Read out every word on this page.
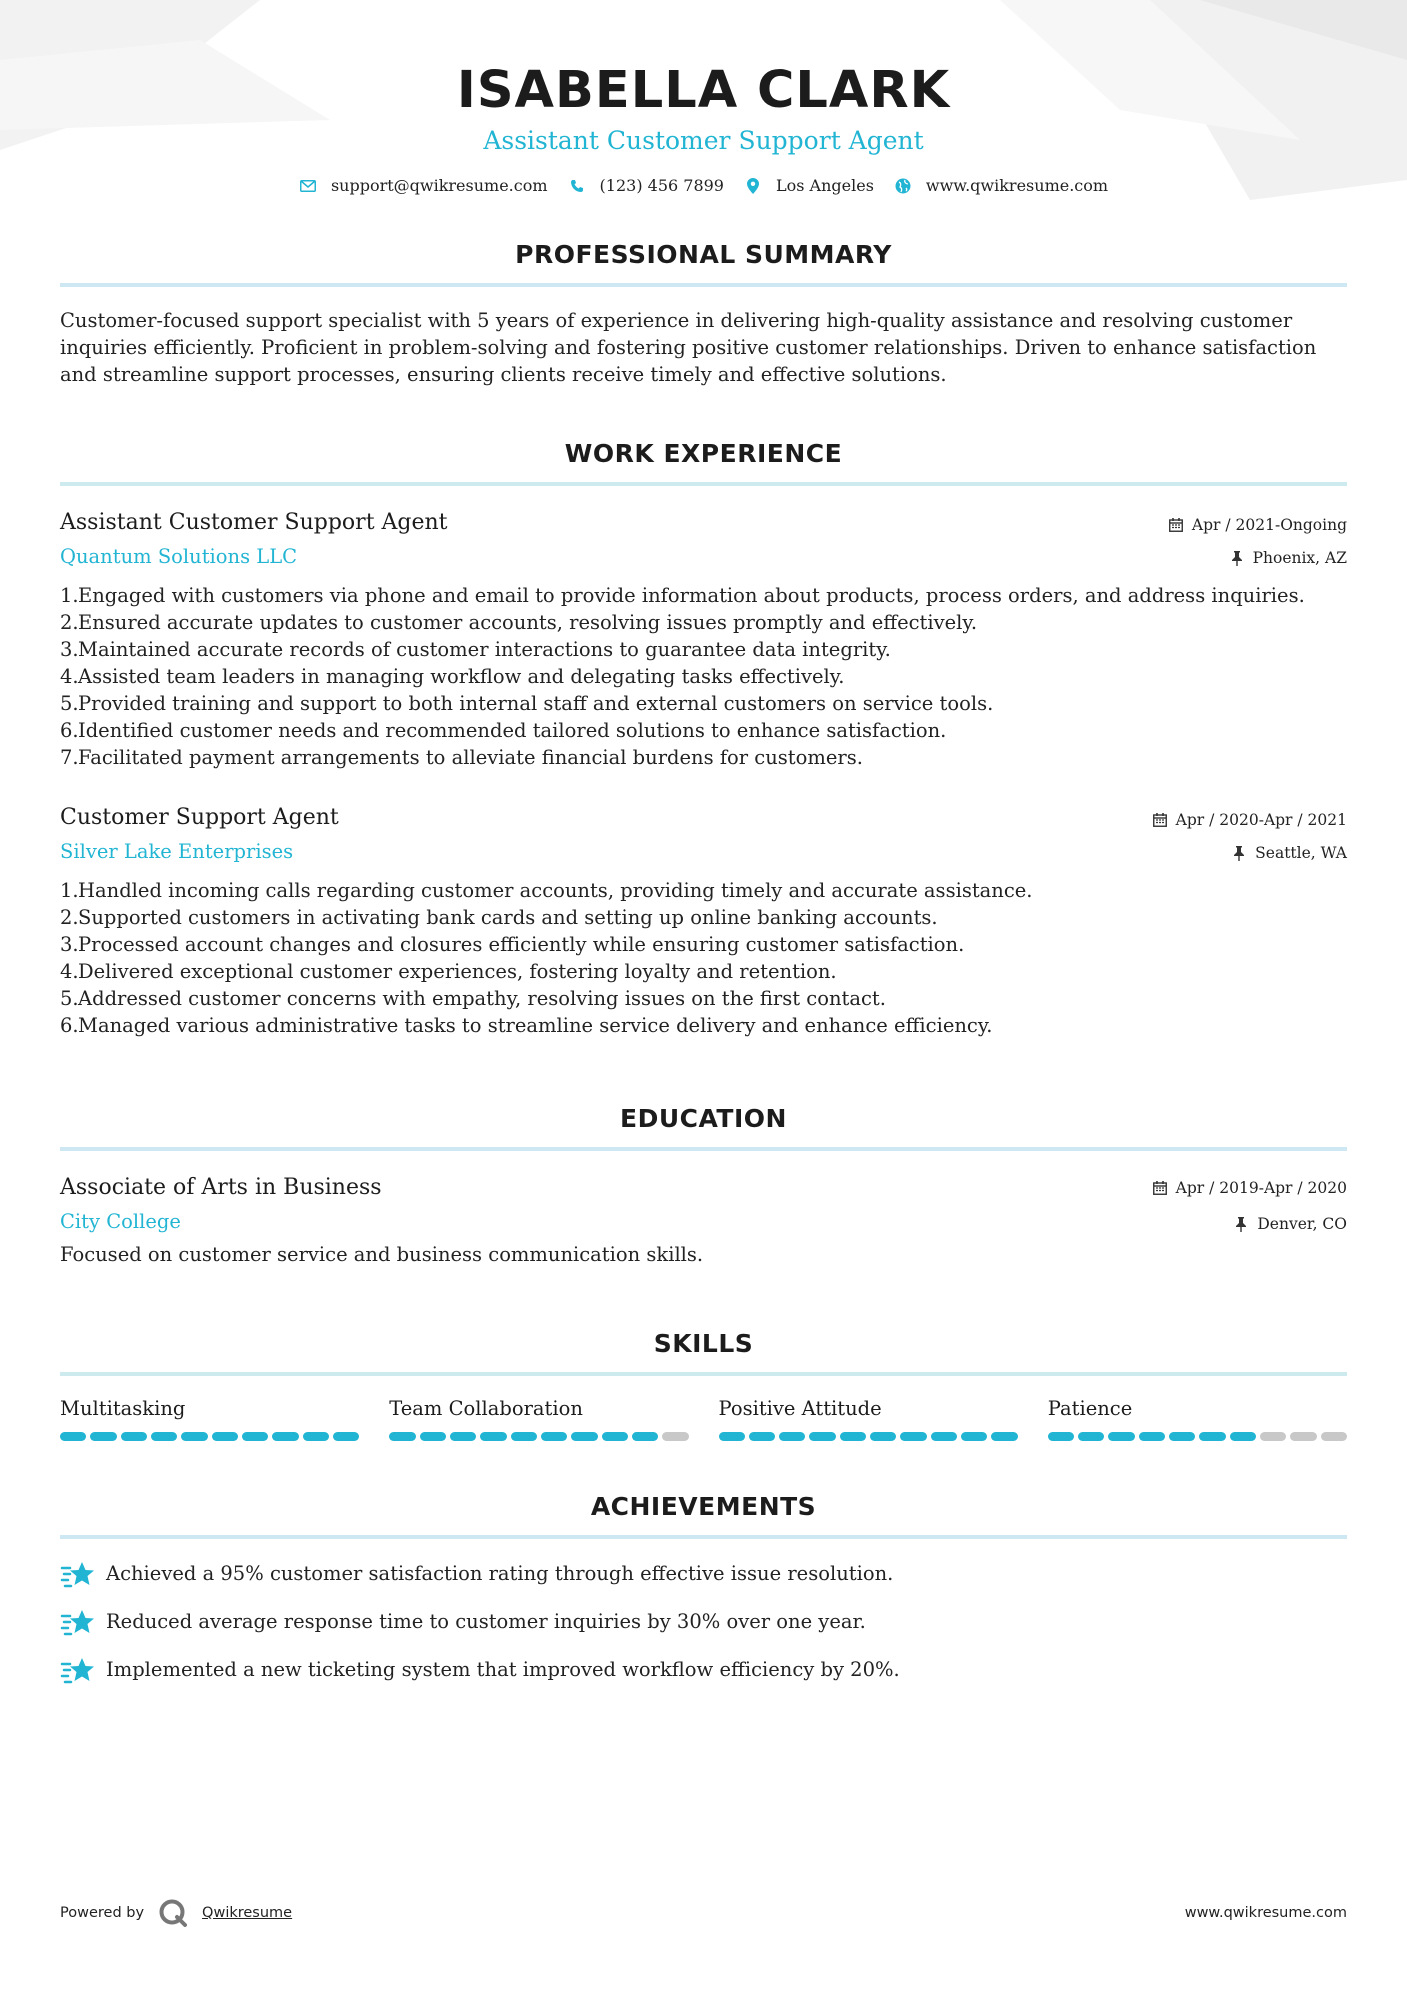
ISABELLA CLARK
Assistant Customer Support Agent
support@qwikresume.com	(123) 456 7899	Los Angeles	www.qwikresume.com
PROFESSIONAL SUMMARY

Customer-focused support specialist with 5 years of experience in delivering high-quality assistance and resolving customer inquiries efficiently. Proficient in problem-solving and fostering positive customer relationships. Driven to enhance satisfaction and streamline support processes, ensuring clients receive timely and effective solutions.

WORK EXPERIENCE
Assistant Customer Support Agent
Quantum Solutions LLC
Apr / 2021-Ongoing
Phoenix, AZ
1. Engaged with customers via phone and email to provide information about products, process orders, and address inquiries.
2. Ensured accurate updates to customer accounts, resolving issues promptly and effectively.
3. Maintained accurate records of customer interactions to guarantee data integrity.
4. Assisted team leaders in managing workflow and delegating tasks effectively.
5. Provided training and support to both internal staff and external customers on service tools.
6. Identified customer needs and recommended tailored solutions to enhance satisfaction.
7. Facilitated payment arrangements to alleviate financial burdens for customers.
Customer Support Agent
Silver Lake Enterprises
Apr / 2020-Apr / 2021
Seattle, WA
1. Handled incoming calls regarding customer accounts, providing timely and accurate assistance.
2. Supported customers in activating bank cards and setting up online banking accounts.
3. Processed account changes and closures efficiently while ensuring customer satisfaction.
4. Delivered exceptional customer experiences, fostering loyalty and retention.
5. Addressed customer concerns with empathy, resolving issues on the first contact.
6. Managed various administrative tasks to streamline service delivery and enhance efficiency.
EDUCATION
Associate of Arts in Business
City College
Apr / 2019-Apr / 2020
Denver, CO

Focused on customer service and business communication skills.

SKILLS
Multitasking	Team Collaboration	Positive Attitude	Patience
ACHIEVEMENTS
Achieved a 95% customer satisfaction rating through effective issue resolution.
Reduced average response time to customer inquiries by 30% over one year.
Implemented a new ticketing system that improved workflow efficiency by 20%.
Powered by	Qwikresume	www.qwikresume.com
